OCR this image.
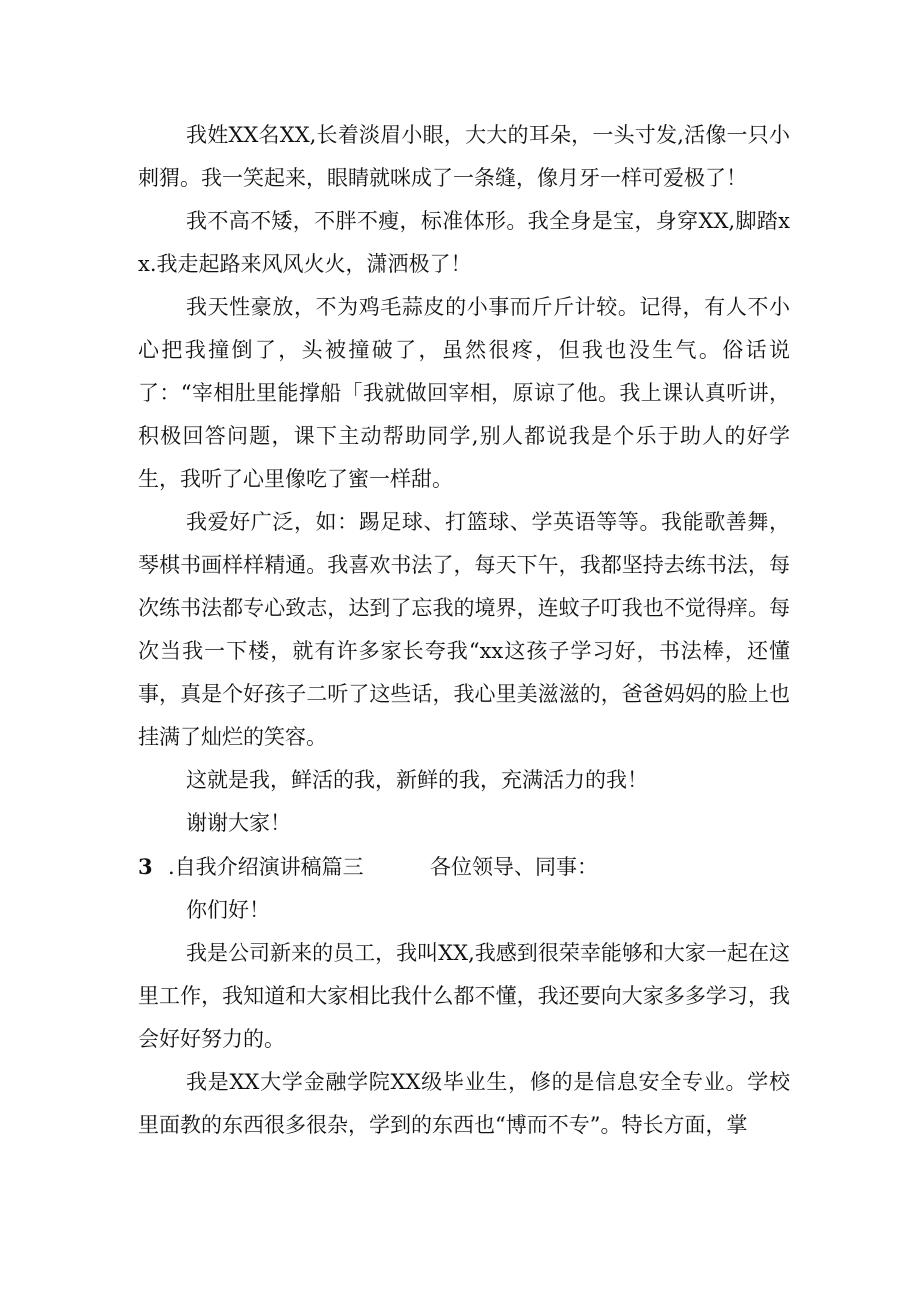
我姓XX名XX,长着淡眉小眼，大大的耳朵，一头寸发,活像一只小刺猬。我一笑起来，眼睛就咪成了一条缝，像月牙一样可爱极了！

我不高不矮，不胖不瘦，标准体形。我全身是宝，身穿XX,脚踏xx.我走起路来风风火火，潇洒极了！

我天性豪放，不为鸡毛蒜皮的小事而斤斤计较。记得，有人不小心把我撞倒了，头被撞破了，虽然很疼，但我也没生气。俗话说了：“宰相肚里能撑船「我就做回宰相，原谅了他。我上课认真听讲，积极回答问题，课下主动帮助同学,别人都说我是个乐于助人的好学生，我听了心里像吃了蜜一样甜。

我爱好广泛，如：踢足球、打篮球、学英语等等。我能歌善舞，琴棋书画样样精通。我喜欢书法了，每天下午，我都坚持去练书法，每次练书法都专心致志，达到了忘我的境界，连蚊子叮我也不觉得痒。每次当我一下楼，就有许多家长夸我“xx这孩子学习好，书法棒，还懂事，真是个好孩子二听了这些话，我心里美滋滋的，爸爸妈妈的脸上也挂满了灿烂的笑容。

这就是我，鲜活的我，新鲜的我，充满活力的我！

谢谢大家！

3 .自我介绍演讲稿篇三	各位领导、同事：

你们好！

我是公司新来的员工，我叫XX,我感到很荣幸能够和大家一起在这里工作，我知道和大家相比我什么都不懂，我还要向大家多多学习，我会好好努力的。

我是XX大学金融学院XX级毕业生，修的是信息安全专业。学校里面教的东西很多很杂，学到的东西也“博而不专”。特长方面，掌
